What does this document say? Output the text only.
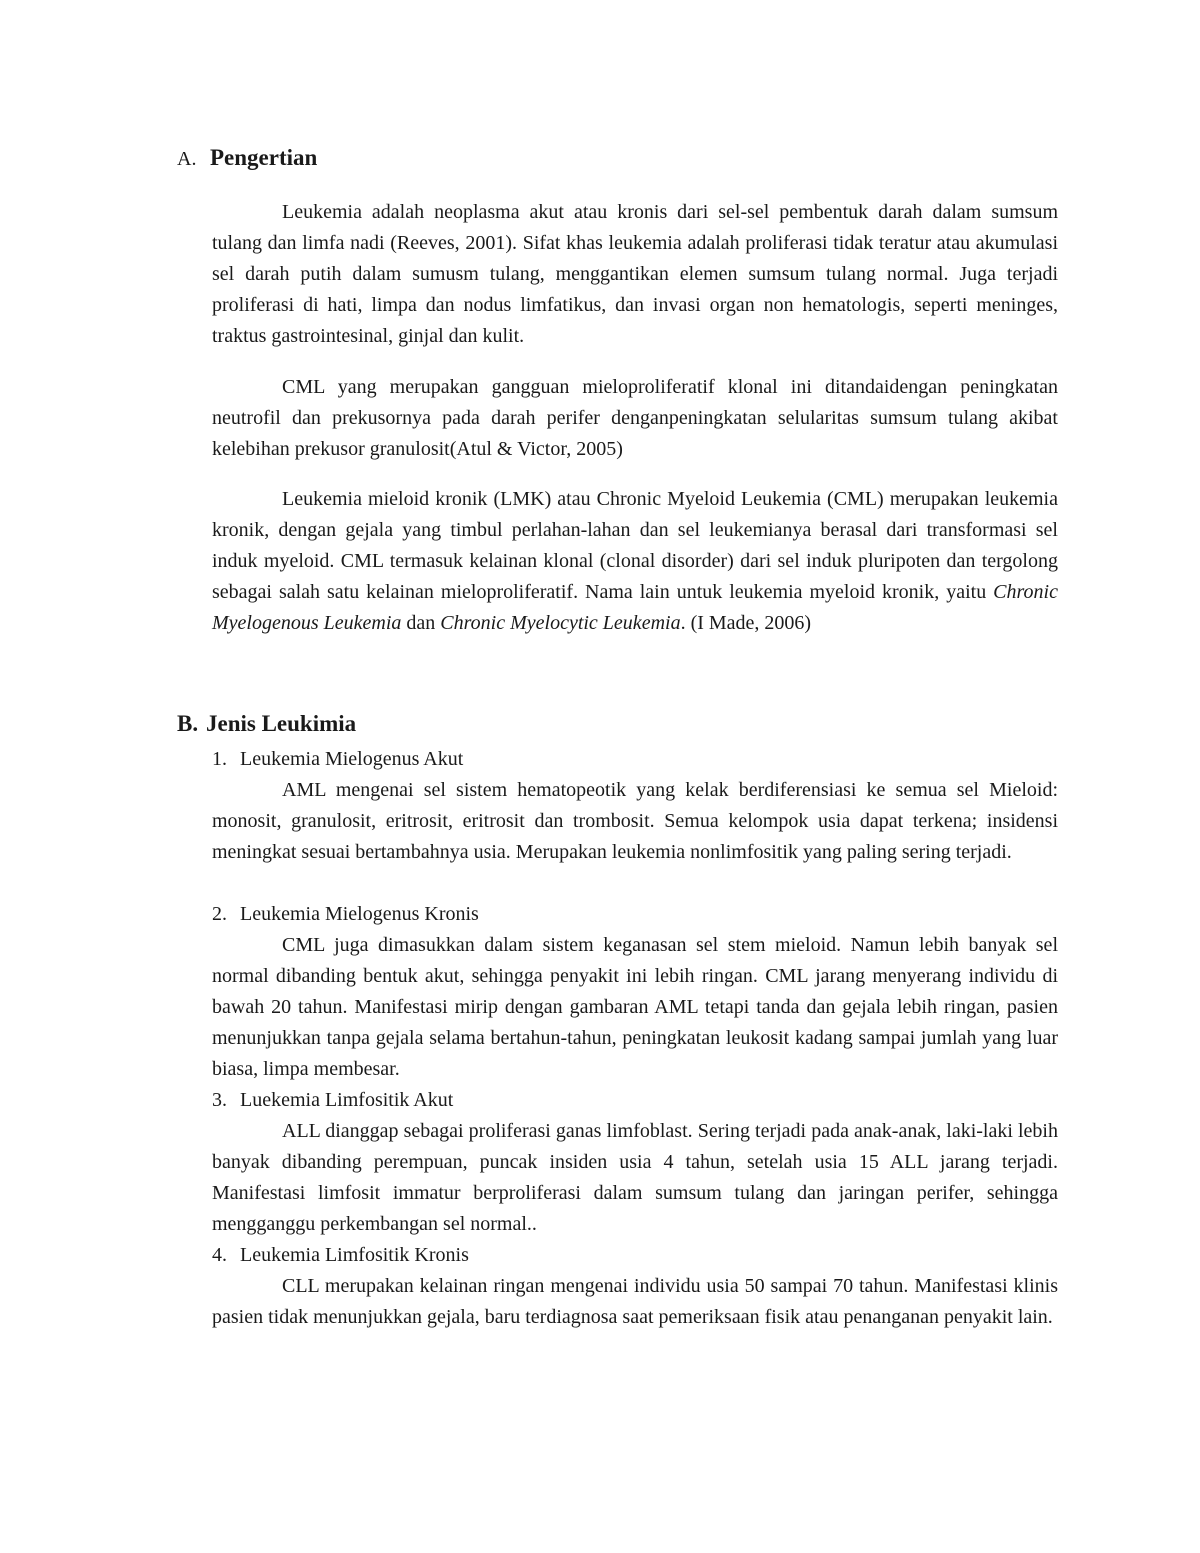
A. Pengertian

Leukemia adalah neoplasma akut atau kronis dari sel-sel pembentuk darah dalam sumsum tulang dan limfa nadi (Reeves, 2001). Sifat khas leukemia adalah proliferasi tidak teratur atau akumulasi sel darah putih dalam sumusm tulang, menggantikan elemen sumsum tulang normal. Juga terjadi proliferasi di hati, limpa dan nodus limfatikus, dan invasi organ non hematologis, seperti meninges, traktus gastrointesinal, ginjal dan kulit.

CML yang merupakan gangguan mieloproliferatif klonal ini ditandaidengan peningkatan neutrofil dan prekusornya pada darah perifer denganpeningkatan selularitas sumsum tulang akibat kelebihan prekusor granulosit(Atul & Victor, 2005)

Leukemia mieloid kronik (LMK) atau Chronic Myeloid Leukemia (CML) merupakan leukemia kronik, dengan gejala yang timbul perlahan-lahan dan sel leukemianya berasal dari transformasi sel induk myeloid. CML termasuk kelainan klonal (clonal disorder) dari sel induk pluripoten dan tergolong sebagai salah satu kelainan mieloproliferatif. Nama lain untuk leukemia myeloid kronik, yaitu Chronic Myelogenous Leukemia dan Chronic Myelocytic Leukemia. (I Made, 2006)

B. Jenis Leukimia
1. Leukemia Mielogenus Akut

AML mengenai sel sistem hematopeotik yang kelak berdiferensiasi ke semua sel Mieloid: monosit, granulosit, eritrosit, eritrosit dan trombosit. Semua kelompok usia dapat terkena; insidensi meningkat sesuai bertambahnya usia. Merupakan leukemia nonlimfositik yang paling sering terjadi.

2. Leukemia Mielogenus Kronis

CML juga dimasukkan dalam sistem keganasan sel stem mieloid. Namun lebih banyak sel normal dibanding bentuk akut, sehingga penyakit ini lebih ringan. CML jarang menyerang individu di bawah 20 tahun. Manifestasi mirip dengan gambaran AML tetapi tanda dan gejala lebih ringan, pasien menunjukkan tanpa gejala selama bertahun-tahun, peningkatan leukosit kadang sampai jumlah yang luar biasa, limpa membesar.

3. Luekemia Limfositik Akut

ALL dianggap sebagai proliferasi ganas limfoblast. Sering terjadi pada anak-anak, laki-laki lebih banyak dibanding perempuan, puncak insiden usia 4 tahun, setelah usia 15 ALL jarang terjadi. Manifestasi limfosit immatur berproliferasi dalam sumsum tulang dan jaringan perifer, sehingga mengganggu perkembangan sel normal..

4. Leukemia Limfositik Kronis

CLL merupakan kelainan ringan mengenai individu usia 50 sampai 70 tahun. Manifestasi klinis pasien tidak menunjukkan gejala, baru terdiagnosa saat pemeriksaan fisik atau penanganan penyakit lain.
